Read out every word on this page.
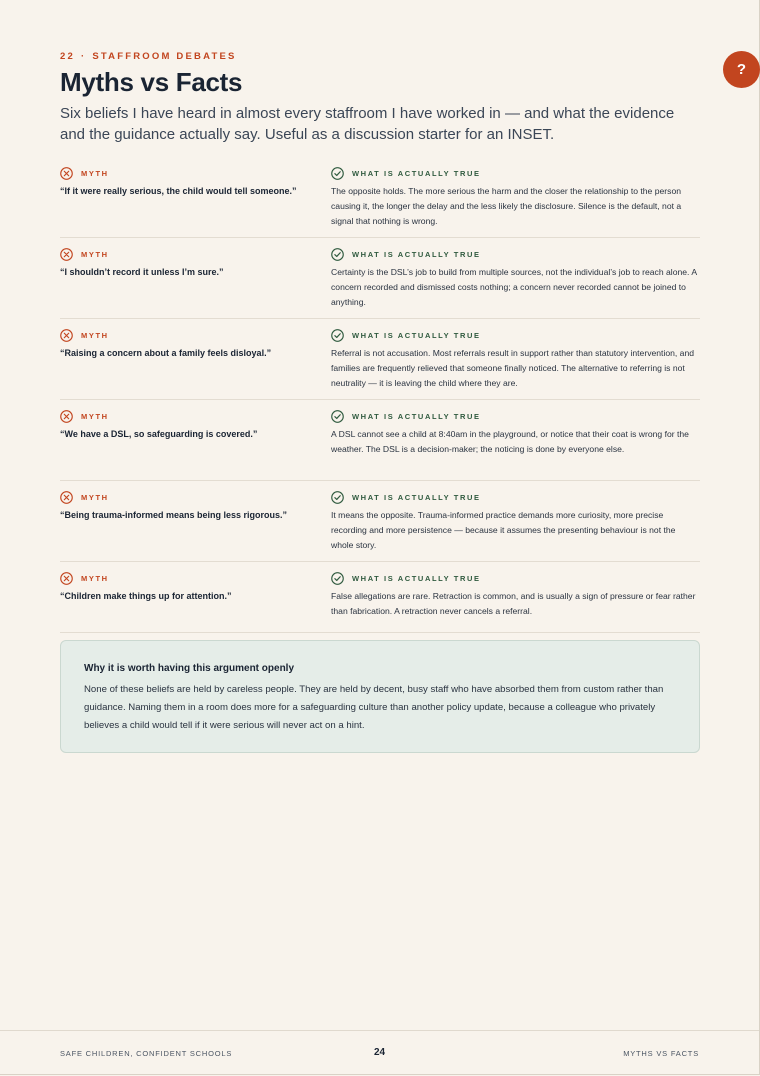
22 · STAFFROOM DEBATES
Myths vs Facts

Six beliefs I have heard in almost every staffroom I have worked in — and what the evidence and the guidance actually say. Useful as a discussion starter for an INSET.

?
MYTH
“If it were really serious, the child would tell someone.”
WHAT IS ACTUALLY TRUE
The opposite holds. The more serious the harm and the closer the relationship to the person causing it, the longer the delay and the less likely the disclosure. Silence is the default, not a signal that nothing is wrong.
MYTH
“I shouldn’t record it unless I’m sure.”
WHAT IS ACTUALLY TRUE
Certainty is the DSL’s job to build from multiple sources, not the individual’s job to reach alone. A concern recorded and dismissed costs nothing; a concern never recorded cannot be joined to anything.
MYTH
“Raising a concern about a family feels disloyal.”
WHAT IS ACTUALLY TRUE
Referral is not accusation. Most referrals result in support rather than statutory intervention, and families are frequently relieved that someone finally noticed. The alternative to referring is not neutrality — it is leaving the child where they are.
MYTH
“We have a DSL, so safeguarding is covered.”
WHAT IS ACTUALLY TRUE
A DSL cannot see a child at 8:40am in the playground, or notice that their coat is wrong for the weather. The DSL is a decision-maker; the noticing is done by everyone else.
MYTH
“Being trauma-informed means being less rigorous.”
WHAT IS ACTUALLY TRUE
It means the opposite. Trauma-informed practice demands more curiosity, more precise recording and more persistence — because it assumes the presenting behaviour is not the whole story.
MYTH
“Children make things up for attention.”
WHAT IS ACTUALLY TRUE
False allegations are rare. Retraction is common, and is usually a sign of pressure or fear rather than fabrication. A retraction never cancels a referral.
Why it is worth having this argument openly
None of these beliefs are held by careless people. They are held by decent, busy staff who have absorbed them from custom rather than guidance. Naming them in a room does more for a safeguarding culture than another policy update, because a colleague who privately believes a child would tell if it were serious will never act on a hint.
SAFE CHILDREN, CONFIDENT SCHOOLS	24	MYTHS VS FACTS
